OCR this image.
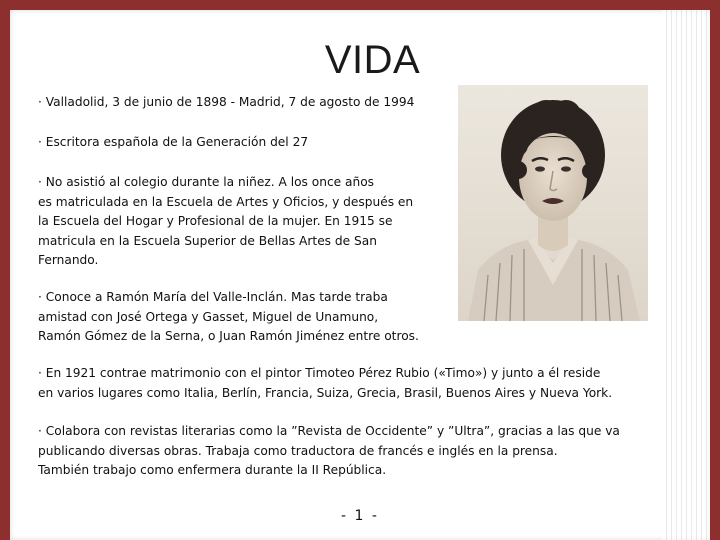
VIDA
· Valladolid, 3 de junio de 1898 - Madrid, 7 de agosto de 1994
· Escritora española de la Generación del 27
· No asistió al colegio durante la niñez. A los once años
es matriculada en la Escuela de Artes y Oficios, y después en
la Escuela del Hogar y Profesional de la mujer. En 1915 se
matricula en la Escuela Superior de Bellas Artes de San
Fernando.
· Conoce a Ramón María del Valle-Inclán. Mas tarde traba
amistad con José Ortega y Gasset, Miguel de Unamuno,
Ramón Gómez de la Serna, o Juan Ramón Jiménez entre otros.
· En 1921 contrae matrimonio con el pintor Timoteo Pérez Rubio («Timo») y junto a él reside
en varios lugares como Italia, Berlín, Francia, Suiza, Grecia, Brasil, Buenos Aires y Nueva York.
· Colabora con revistas literarias como la ”Revista de Occidente” y ”Ultra”, gracias a las que va
publicando diversas obras. Trabaja como traductora de francés e inglés en la prensa.
También trabajo como enfermera durante la II República.
- 1 -
